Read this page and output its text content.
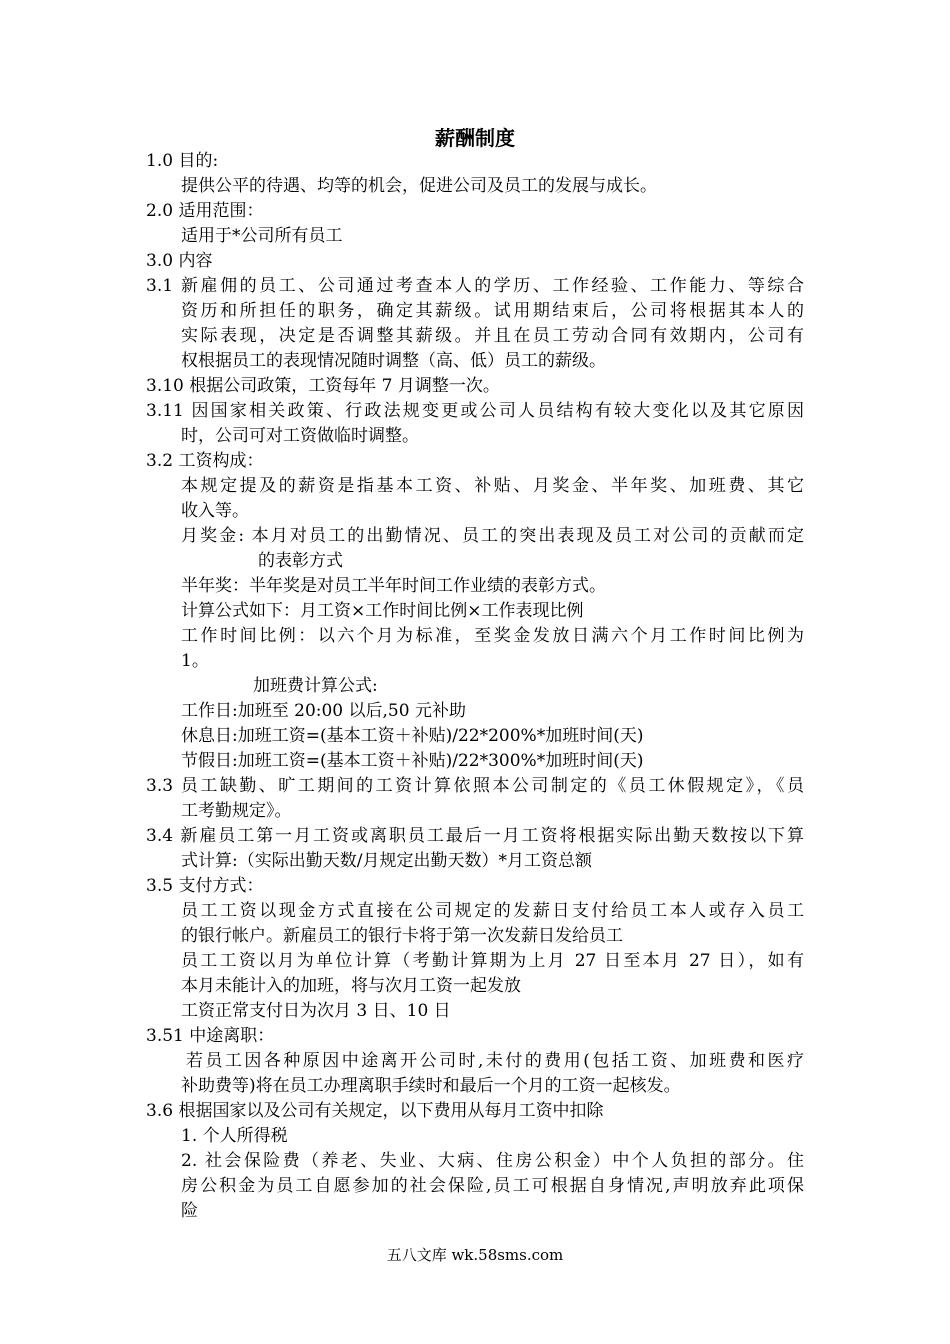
薪酬制度
1.0 目的:
提供公平的待遇、均等的机会，促进公司及员工的发展与成长。
2.0 适用范围：
适用于*公司所有员工
3.0 内容
3.1 新雇佣的员工、公司通过考查本人的学历、工作经验、工作能力、等综合
资历和所担任的职务，确定其薪级。试用期结束后，公司将根据其本人的
实际表现，决定是否调整其薪级。并且在员工劳动合同有效期内，公司有
权根据员工的表现情况随时调整（高、低）员工的薪级。
3.10 根据公司政策，工资每年 7 月调整一次。
3.11 因国家相关政策、行政法规变更或公司人员结构有较大变化以及其它原因
时，公司可对工资做临时调整。
3.2 工资构成：
本规定提及的薪资是指基本工资、补贴、月奖金、半年奖、加班费、其它
收入等。
月奖金: 本月对员工的出勤情况、员工的突出表现及员工对公司的贡献而定
的表彰方式
半年奖：半年奖是对员工半年时间工作业绩的表彰方式。
计算公式如下：月工资×工作时间比例×工作表现比例
工作时间比例：以六个月为标准，至奖金发放日满六个月工作时间比例为
1。
加班费计算公式:
工作日:加班至 20:00 以后,50 元补助
休息日:加班工资=(基本工资＋补贴)/22*200%*加班时间(天)
节假日:加班工资=(基本工资＋补贴)/22*300%*加班时间(天)
3.3 员工缺勤、旷工期间的工资计算依照本公司制定的《员工休假规定》，《员
工考勤规定》。
3.4 新雇员工第一月工资或离职员工最后一月工资将根据实际出勤天数按以下算
式计算:（实际出勤天数/月规定出勤天数）*月工资总额
3.5 支付方式：
员工工资以现金方式直接在公司规定的发薪日支付给员工本人或存入员工
的银行帐户。新雇员工的银行卡将于第一次发薪日发给员工
员工工资以月为单位计算（考勤计算期为上月 27 日至本月 27 日），如有
本月未能计入的加班，将与次月工资一起发放
工资正常支付日为次月 3 日、10 日
3.51 中途离职：
若员工因各种原因中途离开公司时,未付的费用(包括工资、加班费和医疗
补助费等)将在员工办理离职手续时和最后一个月的工资一起核发。
3.6 根据国家以及公司有关规定，以下费用从每月工资中扣除
1. 个人所得税
2. 社会保险费（养老、失业、大病、住房公积金）中个人负担的部分。住
房公积金为员工自愿参加的社会保险,员工可根据自身情况,声明放弃此项保
险
五八文库 wk.58sms.com
